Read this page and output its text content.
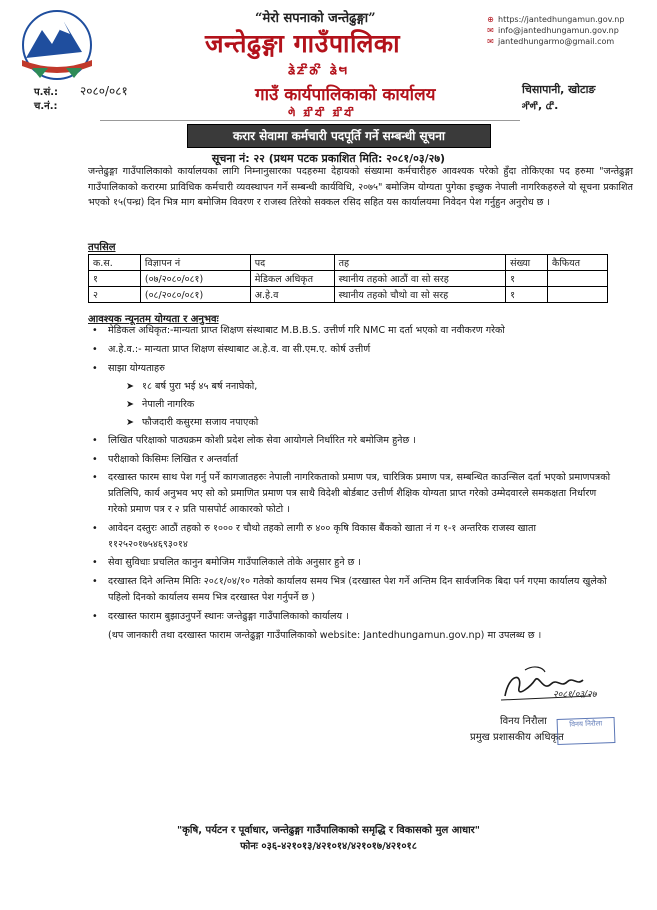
“मेरो सपनाको जन्तेढुङ्गा”
जन्तेढुङ्गा गाउँपालिका
ᤕᤧᤏᤡᤌᤡ ᤕᤧᤗ
गाउँ कार्यपालिकाको कार्यालय
ᤛᤧ ᤀᤡᤔᤡ ᤀᤡᤔᤡ
⊕ https://jantedhungamun.gov.np
✉ info@jantedhungamun.gov.np
✉ jantedhungarmo@gmail.com
चिसापानी, खोटाङ
ᤆᤡᤛᤡ, ᤂᤡ.
प.सं.: २०८०/०८१
च.नं.:
करार सेवामा कर्मचारी पदपूर्ति गर्ने सम्बन्धी सूचना
सूचना नं: २२ (प्रथम पटक प्रकाशित मिति: २०८१/०३/२७)
जन्तेढुङ्गा गाउँपालिकाको कार्यालयका लागि निम्नानुसारका पदहरुमा देहायको संख्यामा कर्मचारीहरु आवश्यक परेको हुँदा तोकिएका पद हरुमा "जन्तेढुङ्गा गाउँपालिकाको करारमा प्राविधिक कर्मचारी व्यवस्थापन गर्ने सम्बन्धी कार्यविधि, २०७५" बमोजिम योग्यता पुगेका इच्छुक नेपाली नागरिकहरुले यो सूचना प्रकाशित भएको १५(पन्ध्र) दिन भित्र माग बमोजिम विवरण र राजस्व तिरेको सक्कल रसिद सहित यस कार्यालयमा निवेदन पेश गर्नुहुन अनुरोध छ ।
तपसिल
क.स.	विज्ञापन नं	पद	तह	संख्या	कैफियत
१	(०७/२०८०/०८१)	मेडिकल अधिकृत	स्थानीय तहको आठौं वा सो सरह	१	
२	(०८/२०८०/०८१)	अ.हे.व	स्थानीय तहको चौथो वा सो सरह	१	
आवश्यक न्यूनतम योग्यता र अनुभवः
• मेडिकल अधिकृत:-मान्यता प्राप्त शिक्षण संस्थाबाट M.B.B.S. उत्तीर्ण गरि NMC मा दर्ता भएको वा नवीकरण गरेको
• अ.हे.व.:- मान्यता प्राप्त शिक्षण संस्थाबाट अ.हे.व. वा सी.एम.ए. कोर्ष उत्तीर्ण
• साझा योग्यताहरु
➤ १८ बर्ष पुरा भई ४५ बर्ष ननाघेको,
➤ नेपाली नागरिक
➤ फौजदारी कसुरमा सजाय नपाएको
• लिखित परिक्षाको पाठ्यक्रम कोशी प्रदेश लोक सेवा आयोगले निर्धारित गरे बमोजिम हुनेछ ।
• परीक्षाको किसिमः लिखित र अन्तर्वार्ता
• दरखास्त फारम साथ पेश गर्नु पर्ने कागजातहरुः नेपाली नागरिकताको प्रमाण पत्र, चारित्रिक प्रमाण पत्र, सम्बन्धित काउन्सिल दर्ता भएको प्रमाणपत्रको प्रतिलिपि, कार्य अनुभव भए सो को प्रमाणित प्रमाण पत्र साथै विदेशी बोर्डबाट उत्तीर्ण शैक्षिक योग्यता प्राप्त गरेको उम्मेदवारले समकक्षता निर्धारण गरेको प्रमाण पत्र र २ प्रति पासपोर्ट आकारको फोटो ।
• आवेदन दस्तुरः आठौं तहको रु १००० र चौथो तहको लागी रु ४०० कृषि विकास बैंकको खाता नं ग १-१ अन्तरिक राजस्व खाता ११२५२०१७५४६९३०१४
• सेवा सुविधाः प्रचलित कानुन बमोजिम गाउँपालिकाले तोके अनुसार हुने छ ।
• दरखास्त दिने अन्तिम मितिः २०८१/०४/१० गतेको कार्यालय समय भित्र (दरखास्त पेश गर्ने अन्तिम दिन सार्वजनिक बिदा पर्न गएमा कार्यालय खुलेको पहिलो दिनको कार्यालय समय भित्र दरखास्त पेश गर्नुपर्ने छ )
• दरखास्त फाराम बुझाउनुपर्ने स्थानः जन्तेढुङ्गा गाउँपालिकाको कार्यालय ।
(थप जानकारी तथा दरखास्त फाराम जन्तेढुङ्गा गाउँपालिकाको website: Jantedhungamun.gov.np) मा उपलब्ध छ ।
२०८१/०३/२७
विनय निरौला
प्रमुख प्रशासकीय अधिकृत
विनय निरौला
"कृषि, पर्यटन र पूर्वाधार, जन्तेढुङ्गा गाउँपालिकाको समृद्धि र विकासको मुल आधार"
फोनः ०३६-४२१०१३/४२१०१४/४२१०१७/४२१०१८
